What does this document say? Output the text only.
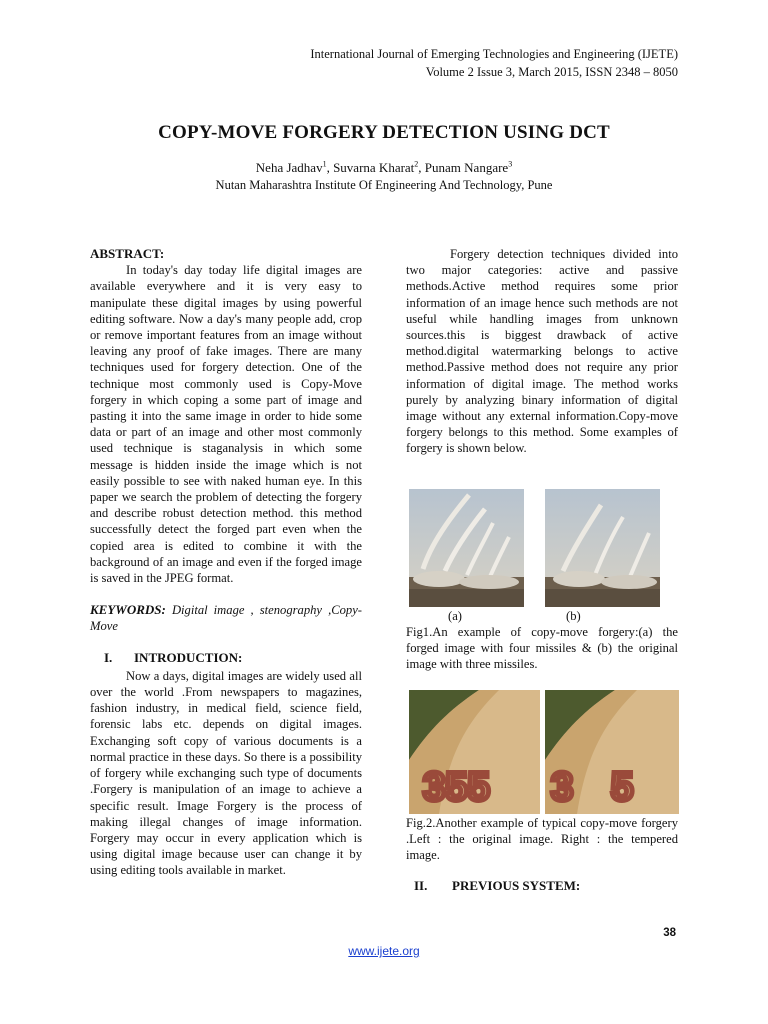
International Journal of Emerging Technologies and Engineering (IJETE)
Volume 2 Issue 3, March 2015, ISSN 2348 – 8050
COPY-MOVE FORGERY DETECTION USING DCT
Neha Jadhav$^1$, Suvarna Kharat$^2$, Punam Nangare$^3$
Nutan Maharashtra Institute Of Engineering And Technology, Pune
ABSTRACT:

In today's day today life digital images are available everywhere and it is very easy to manipulate these digital images by using powerful editing software. Now a day's many people add, crop or remove important features from an image without leaving any proof of fake images. There are many techniques used for forgery detection. One of the technique most commonly used is Copy-Move forgery in which coping a some part of image and pasting it into the same image in order to hide some data or part of an image and other most commonly used technique is staganalysis in which some message is hidden inside the image which is not easily possible to see with naked human eye. In this paper we search the problem of detecting the forgery and describe robust detection method. this method successfully detect the forged part even when the copied area is edited to combine it with the background of an image and even if the forged image is saved in the JPEG format.

KEYWORDS: Digital image , stenography ,Copy-Move

I.	INTRODUCTION:

Now a days, digital images are widely used all over the world .From newspapers to magazines, fashion industry, in medical field, science field, forensic labs etc. depends on digital images. Exchanging soft copy of various documents is a normal practice in these days. So there is a possibility of forgery while exchanging such type of documents .Forgery is manipulation of an image to achieve a specific result. Image Forgery is the process of making illegal changes of image information. Forgery may occur in every application which is using digital image because user can change it by using editing tools available in market.

Forgery detection techniques divided into two major categories: active and passive methods.Active method requires some prior information of an image hence such methods are not useful while handling images from unknown sources.this is biggest drawback of active method.digital watermarking belongs to active method.Passive method does not require any prior information of digital image. The method works purely by analyzing binary information of digital image without any external information.Copy-move forgery belongs to this method. Some examples of forgery is shown below.

(a)	(b)
Fig1.An example of copy-move forgery:(a) the forged image with four missiles & (b) the original image with three missiles.
355 3 5
Fig.2.Another example of typical copy-move forgery .Left : the original image. Right : the tempered image.
II.	PREVIOUS SYSTEM:
38
www.ijete.org
